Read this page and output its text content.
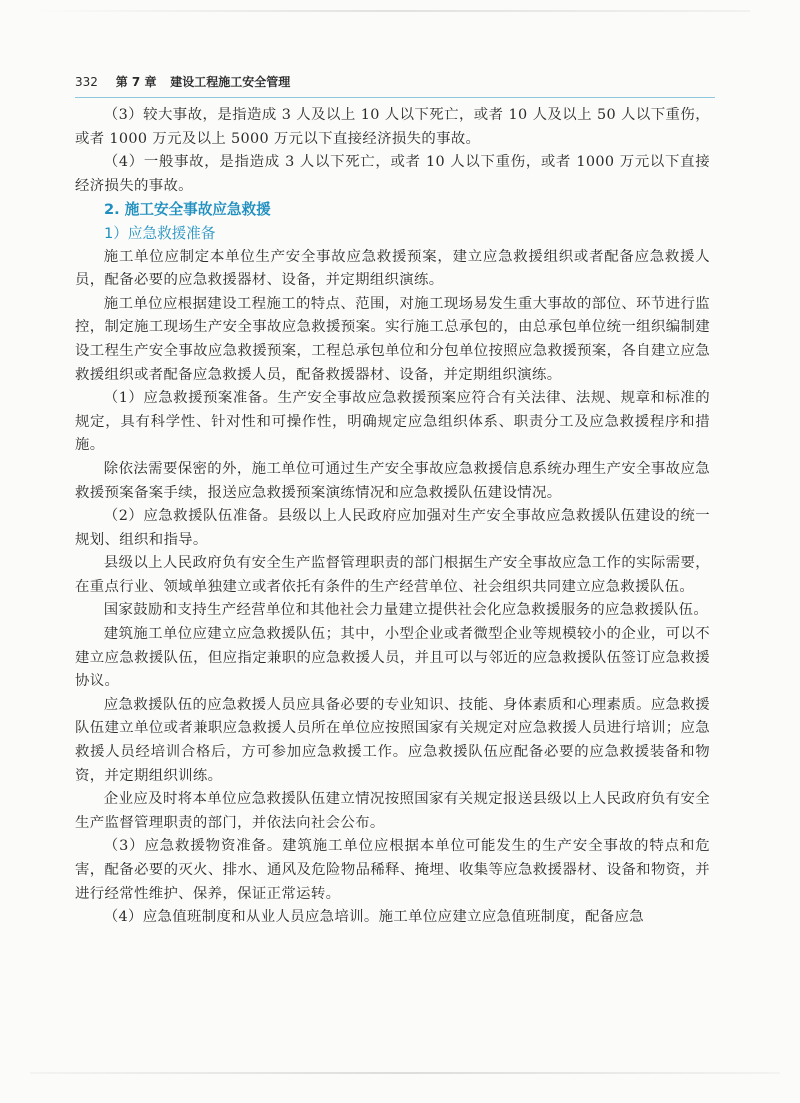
332 第 7 章 建设工程施工安全管理

（3）较大事故，是指造成 3 人及以上 10 人以下死亡，或者 10 人及以上 50 人以下重伤，或者 1000 万元及以上 5000 万元以下直接经济损失的事故。

（4）一般事故，是指造成 3 人以下死亡，或者 10 人以下重伤，或者 1000 万元以下直接经济损失的事故。

2. 施工安全事故应急救援

1）应急救援准备

施工单位应制定本单位生产安全事故应急救援预案，建立应急救援组织或者配备应急救援人员，配备必要的应急救援器材、设备，并定期组织演练。

施工单位应根据建设工程施工的特点、范围，对施工现场易发生重大事故的部位、环节进行监控，制定施工现场生产安全事故应急救援预案。实行施工总承包的，由总承包单位统一组织编制建设工程生产安全事故应急救援预案，工程总承包单位和分包单位按照应急救援预案，各自建立应急救援组织或者配备应急救援人员，配备救援器材、设备，并定期组织演练。

（1）应急救援预案准备。生产安全事故应急救援预案应符合有关法律、法规、规章和标准的规定，具有科学性、针对性和可操作性，明确规定应急组织体系、职责分工及应急救援程序和措施。

除依法需要保密的外，施工单位可通过生产安全事故应急救援信息系统办理生产安全事故应急救援预案备案手续，报送应急救援预案演练情况和应急救援队伍建设情况。

（2）应急救援队伍准备。县级以上人民政府应加强对生产安全事故应急救援队伍建设的统一规划、组织和指导。

县级以上人民政府负有安全生产监督管理职责的部门根据生产安全事故应急工作的实际需要，在重点行业、领域单独建立或者依托有条件的生产经营单位、社会组织共同建立应急救援队伍。

国家鼓励和支持生产经营单位和其他社会力量建立提供社会化应急救援服务的应急救援队伍。

建筑施工单位应建立应急救援队伍；其中，小型企业或者微型企业等规模较小的企业，可以不建立应急救援队伍，但应指定兼职的应急救援人员，并且可以与邻近的应急救援队伍签订应急救援协议。

应急救援队伍的应急救援人员应具备必要的专业知识、技能、身体素质和心理素质。应急救援队伍建立单位或者兼职应急救援人员所在单位应按照国家有关规定对应急救援人员进行培训；应急救援人员经培训合格后，方可参加应急救援工作。应急救援队伍应配备必要的应急救援装备和物资，并定期组织训练。

企业应及时将本单位应急救援队伍建立情况按照国家有关规定报送县级以上人民政府负有安全生产监督管理职责的部门，并依法向社会公布。

（3）应急救援物资准备。建筑施工单位应根据本单位可能发生的生产安全事故的特点和危害，配备必要的灭火、排水、通风及危险物品稀释、掩埋、收集等应急救援器材、设备和物资，并进行经常性维护、保养，保证正常运转。

（4）应急值班制度和从业人员应急培训。施工单位应建立应急值班制度，配备应急
